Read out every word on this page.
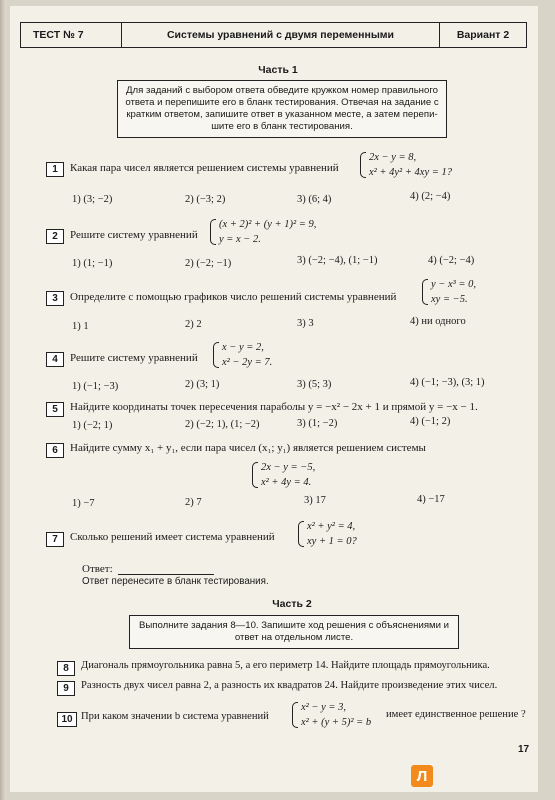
ТЕСТ № 7	Системы уравнений с двумя переменными	Вариант 2
Часть 1
Для заданий с выбором ответа обведите кружком номер правильного
ответа и перепишите его в бланк тестирования. Отвечая на задание с
кратким ответом, запишите ответ в указанном месте, а затем перепи-
шите его в бланк тестирования.
1	Какая пара чисел является решением системы уравнений
2x − y = 8,
x² + 4y² + 4xy = 1?
1) (3; −2)	2) (−3; 2)	3) (6; 4)	4) (2; −4)
2	Решите систему уравнений
(x + 2)² + (y + 1)² = 9,
y = x − 2.
1) (1; −1)	2) (−2; −1)	3) (−2; −4), (1; −1)	4) (−2; −4)
3	Определите с помощью графиков число решений системы уравнений
y − x³ = 0,
xy = −5.
1) 1	2) 2	3) 3	4) ни одного
4	Решите систему уравнений
x − y = 2,
x² − 2y = 7.
1) (−1; −3)	2) (3; 1)	3) (5; 3)	4) (−1; −3), (3; 1)
5	Найдите координаты точек пересечения параболы y = −x² − 2x + 1 и прямой y = −x − 1.
1) (−2; 1)	2) (−2; 1), (1; −2)	3) (1; −2)	4) (−1; 2)
6	Найдите сумму x₁ + y₁, если пара чисел (x₁; y₁) является решением системы
2x − y = −5,
x² + 4y = 4.
1) −7	2) 7	3) 17	4) −17
7	Сколько решений имеет система уравнений
x² + y² = 4,
xy + 1 = 0?
Ответ:
Ответ перенесите в бланк тестирования.
Часть 2
Выполните задания 8—10. Запишите ход решения с объяснениями и
ответ на отдельном листе.
8	Диагональ прямоугольника равна 5, а его периметр 14. Найдите площадь прямоугольника.
9	Разность двух чисел равна 2, а разность их квадратов 24. Найдите произведение этих чисел.
10 При каком значении b система уравнений
x² − y = 3,
x² + (y + 5)² = b
имеет единственное решение ?
17
Л
